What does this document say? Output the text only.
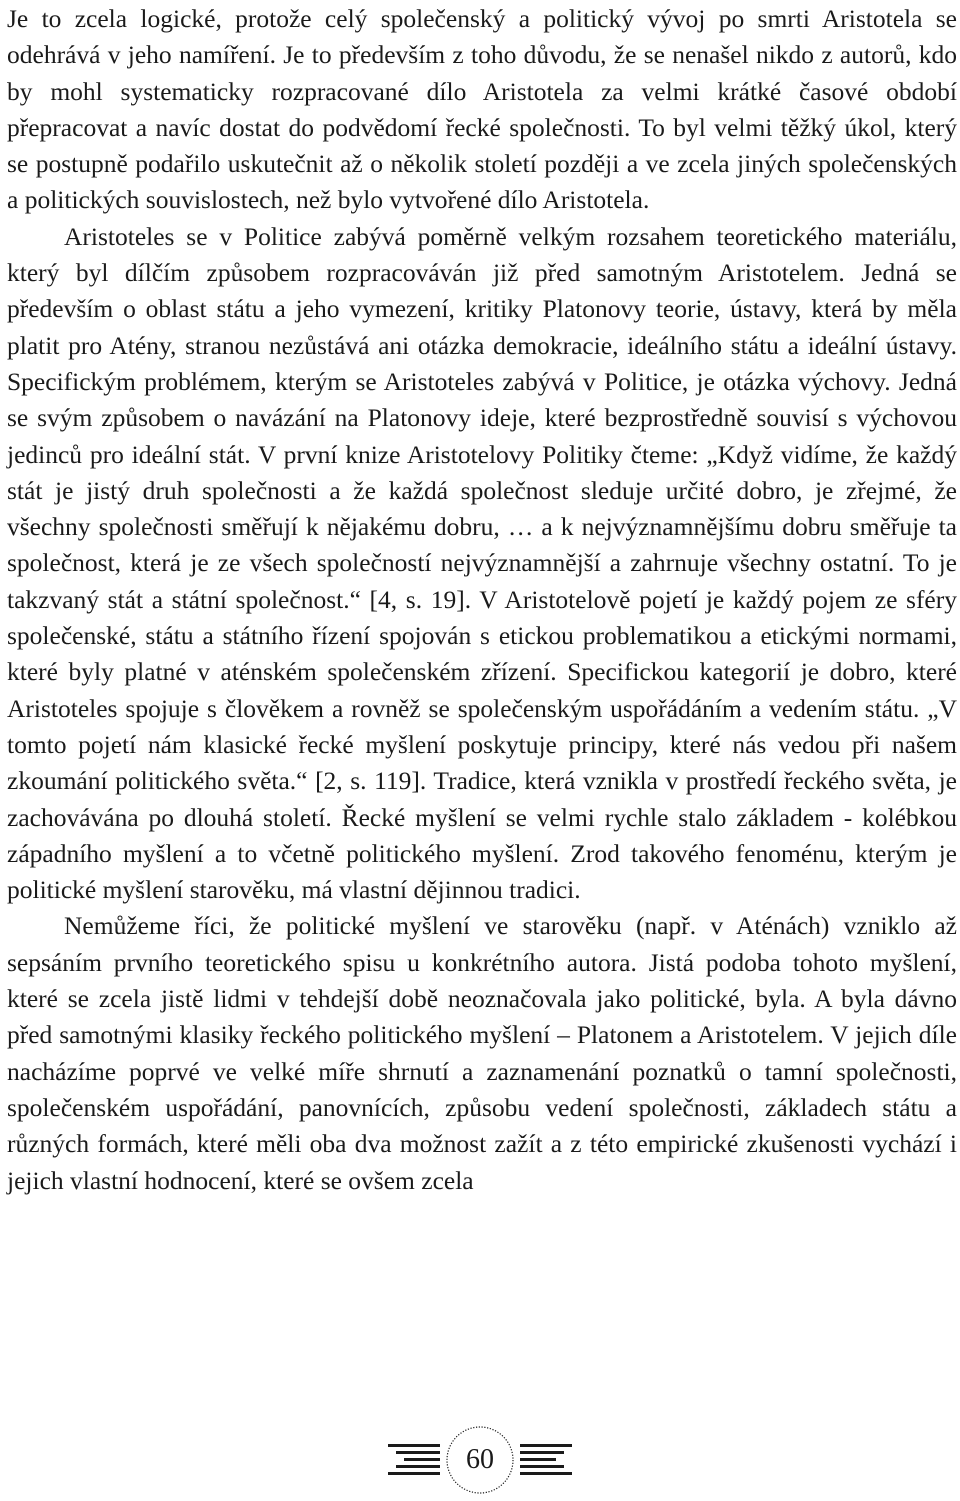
Je to zcela logické, protože celý společenský a politický vývoj po smrti Aristotela se odehrává v jeho namíření. Je to především z toho důvodu, že se nenašel nikdo z autorů, kdo by mohl systematicky rozpracované dílo Aristotela za velmi krátké časové období přepracovat a navíc dostat do podvědomí řecké společnosti. To byl velmi těžký úkol, který se postupně podařilo uskutečnit až o několik století později a ve zcela jiných společenských a politických souvislostech, než bylo vytvořené dílo Aristotela.

Aristoteles se v Politice zabývá poměrně velkým rozsahem teoretického materiálu, který byl dílčím způsobem rozpracováván již před samotným Aristotelem. Jedná se především o oblast státu a jeho vymezení, kritiky Platonovy teorie, ústavy, která by měla platit pro Atény, stranou nezůstává ani otázka demokracie, ideálního státu a ideální ústavy. Specifickým problémem, kterým se Aristoteles zabývá v Politice, je otázka výchovy. Jedná se svým způsobem o navázání na Platonovy ideje, které bezprostředně souvisí s výchovou jedinců pro ideální stát. V první knize Aristotelovy Politiky čteme: „Když vidíme, že každý stát je jistý druh společnosti a že každá společnost sleduje určité dobro, je zřejmé, že všechny společnosti směřují k nějakému dobru, … a k nejvýznamnějšímu dobru směřuje ta společnost, která je ze všech společností nejvýznamnější a zahrnuje všechny ostatní. To je takzvaný stát a státní společnost.“ [4, s. 19]. V Aristotelově pojetí je každý pojem ze sféry společenské, státu a státního řízení spojován s etickou problematikou a etickými normami, které byly platné v aténském společenském zřízení. Specifickou kategorií je dobro, které Aristoteles spojuje s člověkem a rovněž se společenským uspořádáním a vedením státu. „V tomto pojetí nám klasické řecké myšlení poskytuje principy, které nás vedou při našem zkoumání politického světa.“ [2, s. 119]. Tradice, která vznikla v prostředí řeckého světa, je zachovávána po dlouhá století. Řecké myšlení se velmi rychle stalo základem - kolébkou západního myšlení a to včetně politického myšlení. Zrod takového fenoménu, kterým je politické myšlení starověku, má vlastní dějinnou tradici.

Nemůžeme říci, že politické myšlení ve starověku (např. v Aténách) vzniklo až sepsáním prvního teoretického spisu u konkrétního autora. Jistá podoba tohoto myšlení, které se zcela jistě lidmi v tehdejší době neoznačovala jako politické, byla. A byla dávno před samotnými klasiky řeckého politického myšlení – Platonem a Aristotelem. V jejich díle nacházíme poprvé ve velké míře shrnutí a zaznamenání poznatků o tamní společnosti, společenském uspořádání, panovnících, způsobu vedení společnosti, základech státu a různých formách, které měli oba dva možnost zažít a z této empirické zkušenosti vychází i jejich vlastní hodnocení, které se ovšem zcela

60
